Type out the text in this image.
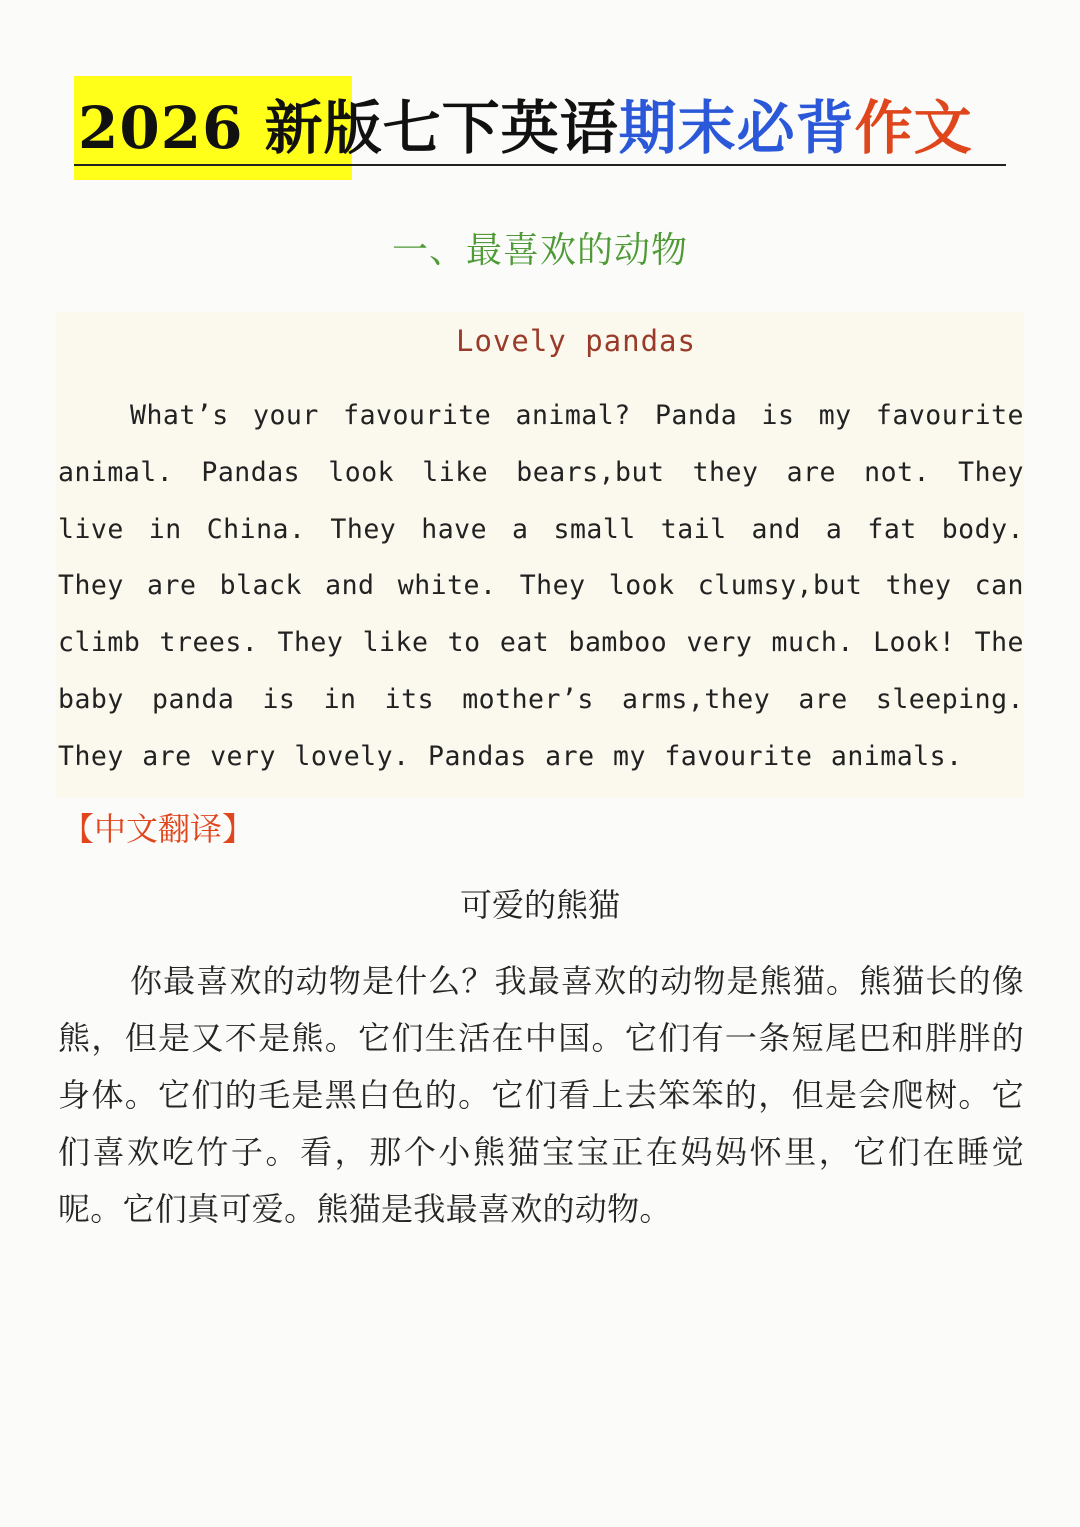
2026 新版七下英语期末必背作文
一、最喜欢的动物
Lovely pandas
What’s your favourite animal? Panda is my favourite animal. Pandas look like bears,but they are not. They live in China. They have a small tail and a fat body. They are black and white. They look clumsy,but they can climb trees. They like to eat bamboo very much. Look! The baby panda is in its mother’s arms,they are sleeping. They are very lovely. Pandas are my favourite animals.
【中文翻译】
可爱的熊猫
你最喜欢的动物是什么？我最喜欢的动物是熊猫。熊猫长的像熊，但是又不是熊。它们生活在中国。它们有一条短尾巴和胖胖的身体。它们的毛是黑白色的。它们看上去笨笨的，但是会爬树。它们喜欢吃竹子。看，那个小熊猫宝宝正在妈妈怀里，它们在睡觉呢。它们真可爱。熊猫是我最喜欢的动物。
